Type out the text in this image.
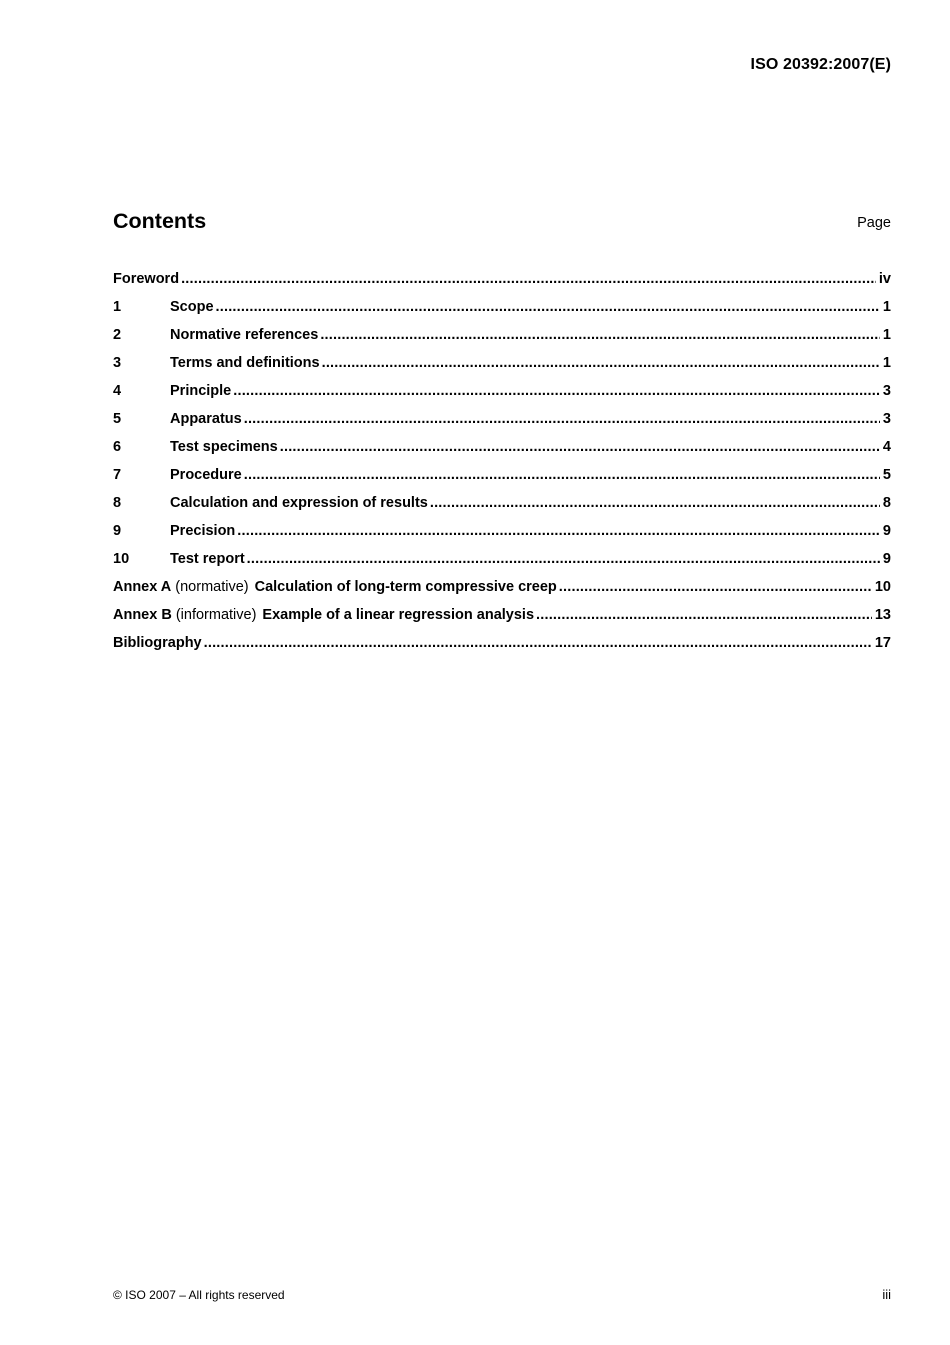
ISO 20392:2007(E)
Contents	Page
Foreword .....	iv
1	Scope .....	1
2	Normative references .....	1
3	Terms and definitions .....	1
4	Principle .....	3
5	Apparatus .....	3
6	Test specimens .....	4
7	Procedure .....	5
8	Calculation and expression of results .....	8
9	Precision .....	9
10	Test report .....	9
Annex A (normative) Calculation of long-term compressive creep .....	10
Annex B (informative) Example of a linear regression analysis .....	13
Bibliography .....	17
© ISO 2007 – All rights reserved	iii
